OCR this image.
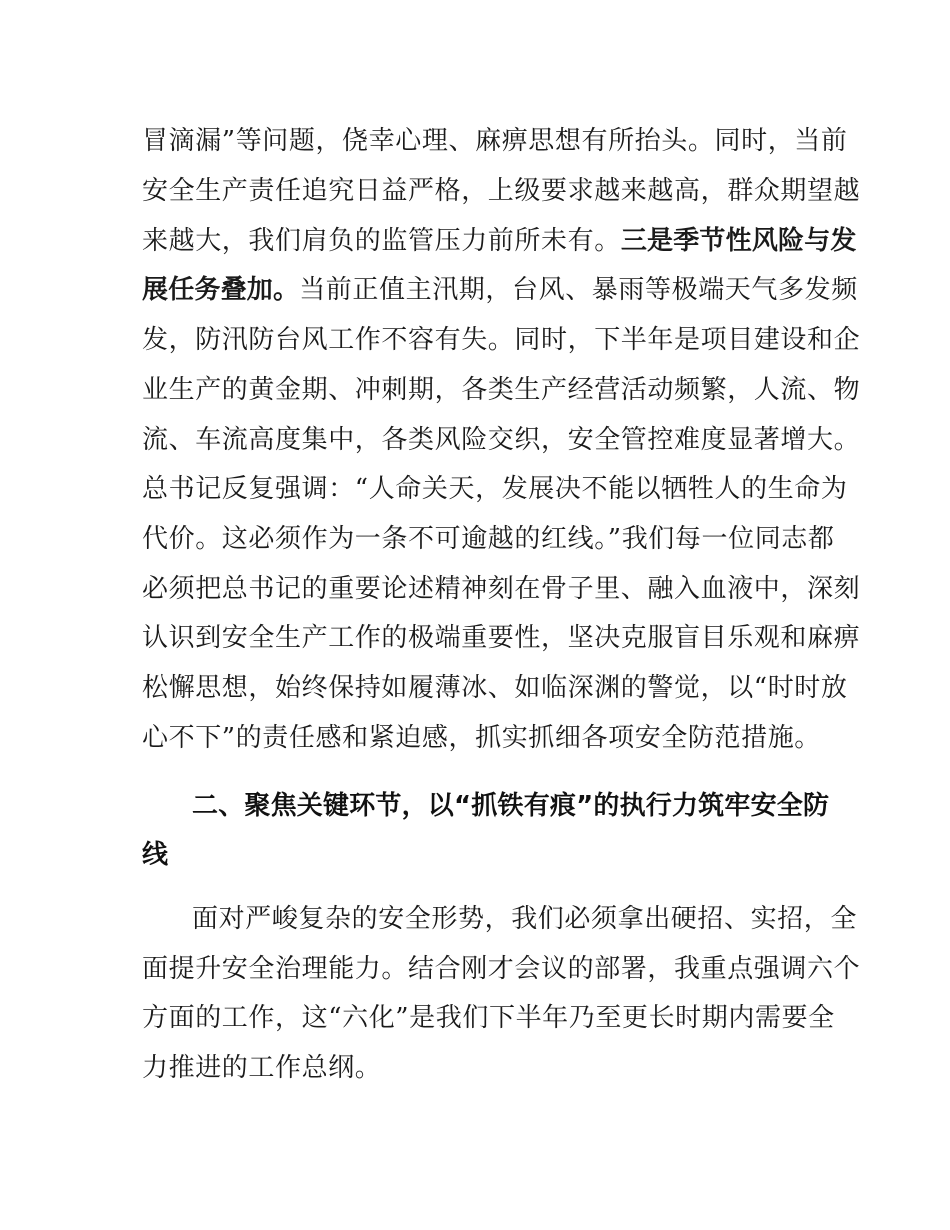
冒滴漏”等问题，侥幸心理、麻痹思想有所抬头。同时，当前
安全生产责任追究日益严格，上级要求越来越高，群众期望越
来越大，我们肩负的监管压力前所未有。三是季节性风险与发
展任务叠加。当前正值主汛期，台风、暴雨等极端天气多发频
发，防汛防台风工作不容有失。同时，下半年是项目建设和企
业生产的黄金期、冲刺期，各类生产经营活动频繁，人流、物
流、车流高度集中，各类风险交织，安全管控难度显著增大。
总书记反复强调：“人命关天，发展决不能以牺牲人的生命为
代价。这必须作为一条不可逾越的红线。”我们每一位同志都
必须把总书记的重要论述精神刻在骨子里、融入血液中，深刻
认识到安全生产工作的极端重要性，坚决克服盲目乐观和麻痹
松懈思想，始终保持如履薄冰、如临深渊的警觉，以“时时放
心不下”的责任感和紧迫感，抓实抓细各项安全防范措施。
二、聚焦关键环节，以“抓铁有痕”的执行力筑牢安全防
线
面对严峻复杂的安全形势，我们必须拿出硬招、实招，全
面提升安全治理能力。结合刚才会议的部署，我重点强调六个
方面的工作，这“六化”是我们下半年乃至更长时期内需要全
力推进的工作总纲。
